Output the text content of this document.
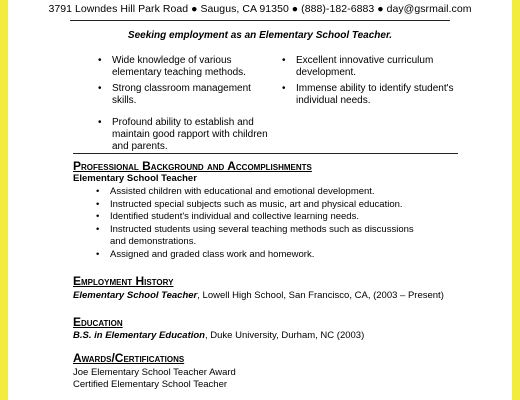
3791 Lowndes Hill Park Road ● Saugus, CA 91350 ● (888)-182-6883 ● day@gsrmail.com
Seeking employment as an Elementary School Teacher.
• Wide knowledge of various elementary teaching methods.
• Strong classroom management skills.
• Profound ability to establish and maintain good rapport with children and parents.
• Excellent innovative curriculum development.
• Immense ability to identify student's individual needs.
Professional Background and Accomplishments
Elementary School Teacher
• Assisted children with educational and emotional development.
• Instructed special subjects such as music, art and physical education.
• Identified student's individual and collective learning needs.
• Instructed students using several teaching methods such as discussions and demonstrations.
• Assigned and graded class work and homework.
Employment History
Elementary School Teacher, Lowell High School, San Francisco, CA, (2003 – Present)
Education
B.S. in Elementary Education, Duke University, Durham, NC (2003)
Awards/Certifications
Joe Elementary School Teacher Award
Certified Elementary School Teacher
